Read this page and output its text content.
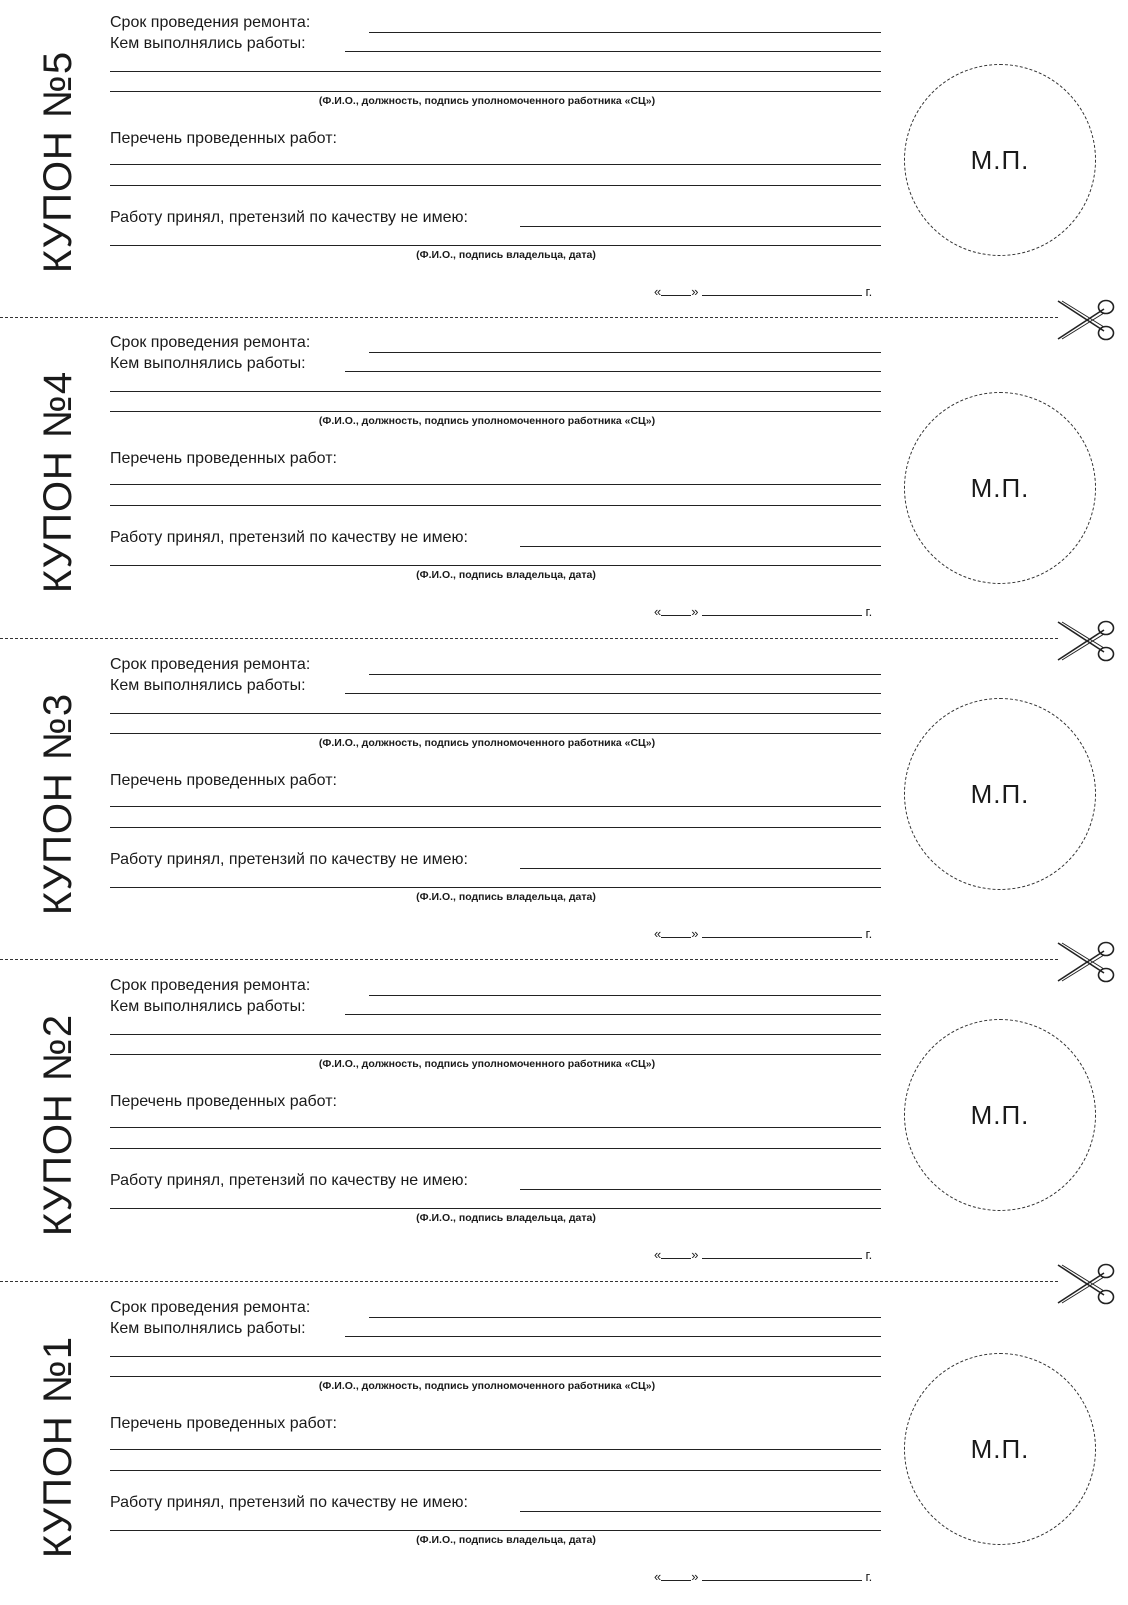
КУПОН №5
Срок проведения ремонта:
Кем выполнялись работы:
(Ф.И.О., должность, подпись уполномоченного работника «СЦ»)
Перечень проведенных работ:
Работу принял, претензий по качеству не имею:
(Ф.И.О., подпись владельца, дата)
« »	г.
М.П.
КУПОН №4
Срок проведения ремонта:
Кем выполнялись работы:
(Ф.И.О., должность, подпись уполномоченного работника «СЦ»)
Перечень проведенных работ:
Работу принял, претензий по качеству не имею:
(Ф.И.О., подпись владельца, дата)
« »	г.
М.П.
КУПОН №3
Срок проведения ремонта:
Кем выполнялись работы:
(Ф.И.О., должность, подпись уполномоченного работника «СЦ»)
Перечень проведенных работ:
Работу принял, претензий по качеству не имею:
(Ф.И.О., подпись владельца, дата)
« »	г.
М.П.
КУПОН №2
Срок проведения ремонта:
Кем выполнялись работы:
(Ф.И.О., должность, подпись уполномоченного работника «СЦ»)
Перечень проведенных работ:
Работу принял, претензий по качеству не имею:
(Ф.И.О., подпись владельца, дата)
« »	г.
М.П.
КУПОН №1
Срок проведения ремонта:
Кем выполнялись работы:
(Ф.И.О., должность, подпись уполномоченного работника «СЦ»)
Перечень проведенных работ:
Работу принял, претензий по качеству не имею:
(Ф.И.О., подпись владельца, дата)
« »	г.
М.П.
